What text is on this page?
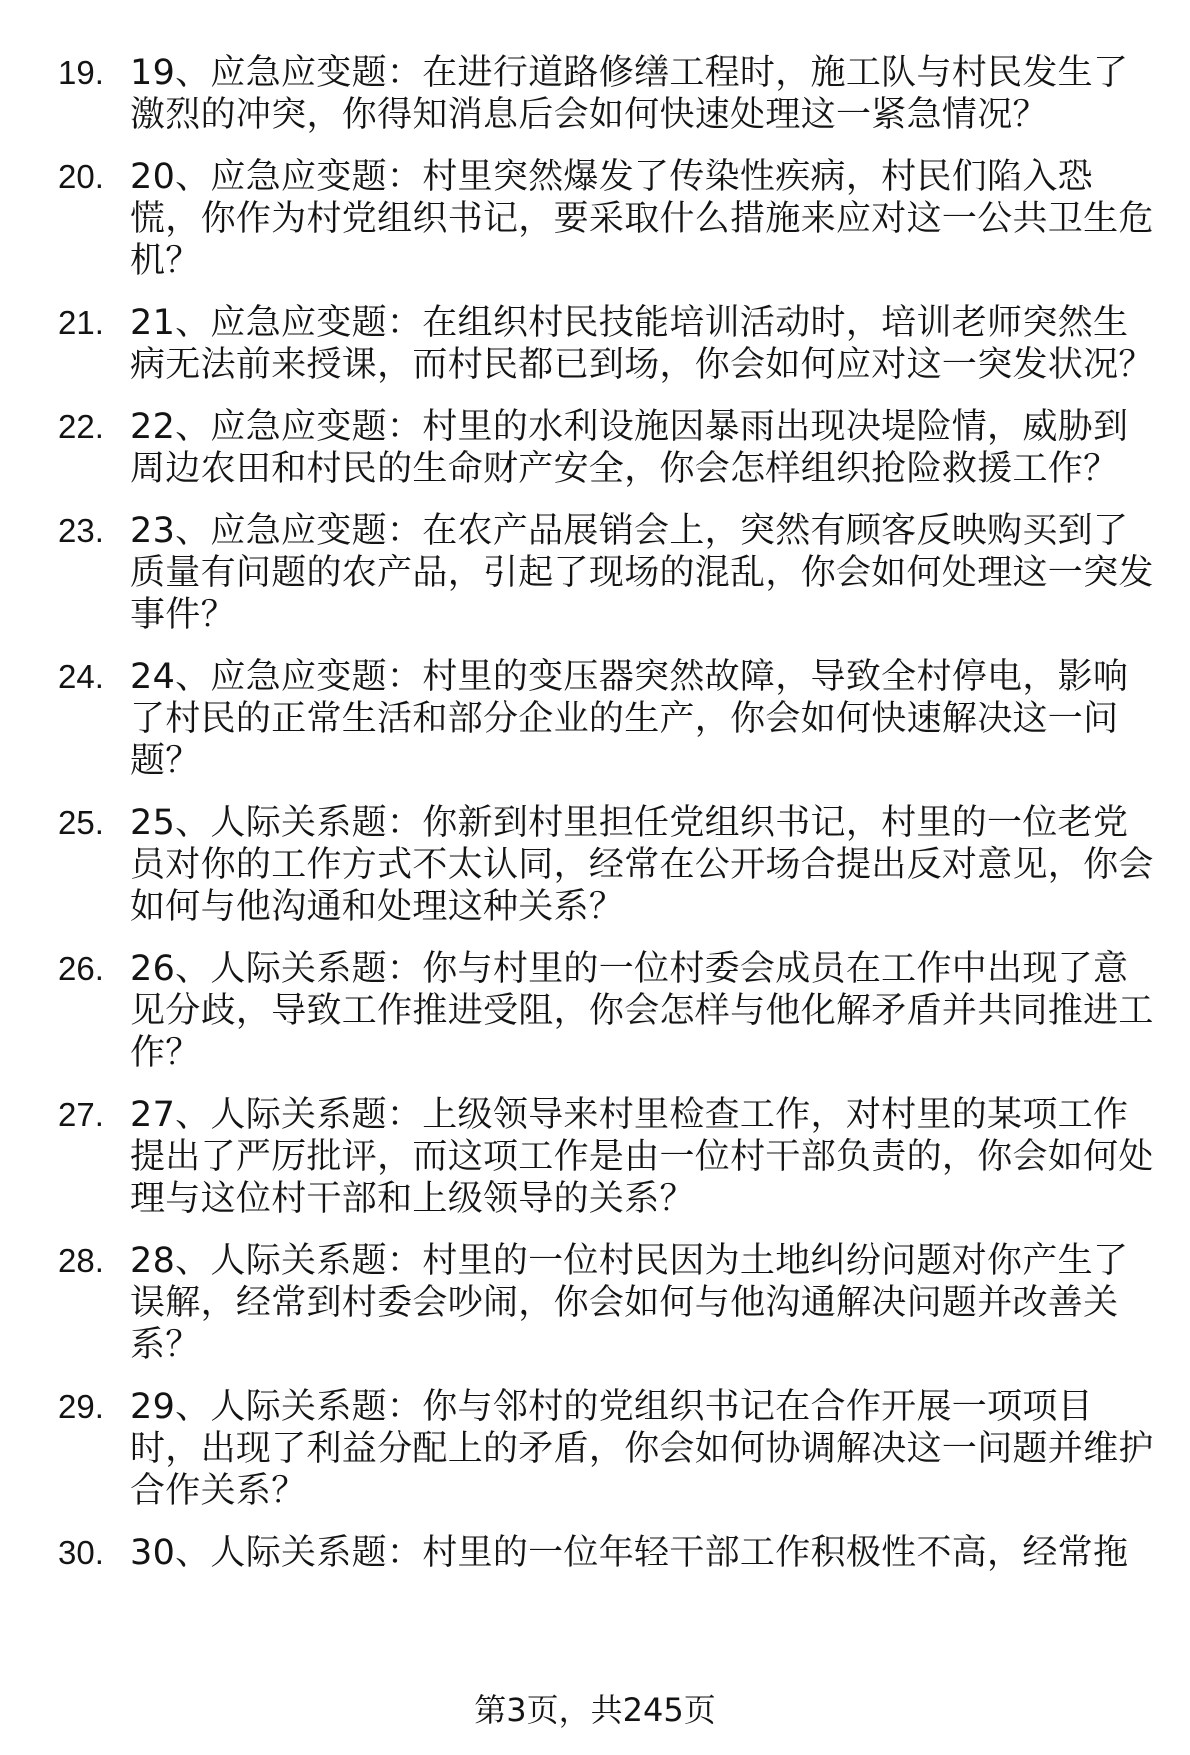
19. 19、应急应变题：在进行道路修缮工程时，施工队与村民发生了激烈的冲突，你得知消息后会如何快速处理这一紧急情况？
20. 20、应急应变题：村里突然爆发了传染性疾病，村民们陷入恐慌，你作为村党组织书记，要采取什么措施来应对这一公共卫生危机？
21. 21、应急应变题：在组织村民技能培训活动时，培训老师突然生病无法前来授课，而村民都已到场，你会如何应对这一突发状况？
22. 22、应急应变题：村里的水利设施因暴雨出现决堤险情，威胁到周边农田和村民的生命财产安全，你会怎样组织抢险救援工作？
23. 23、应急应变题：在农产品展销会上，突然有顾客反映购买到了质量有问题的农产品，引起了现场的混乱，你会如何处理这一突发事件？
24. 24、应急应变题：村里的变压器突然故障，导致全村停电，影响了村民的正常生活和部分企业的生产，你会如何快速解决这一问题？
25. 25、人际关系题：你新到村里担任党组织书记，村里的一位老党员对你的工作方式不太认同，经常在公开场合提出反对意见，你会如何与他沟通和处理这种关系？
26. 26、人际关系题：你与村里的一位村委会成员在工作中出现了意见分歧，导致工作推进受阻，你会怎样与他化解矛盾并共同推进工作？
27. 27、人际关系题：上级领导来村里检查工作，对村里的某项工作提出了严厉批评，而这项工作是由一位村干部负责的，你会如何处理与这位村干部和上级领导的关系？
28. 28、人际关系题：村里的一位村民因为土地纠纷问题对你产生了误解，经常到村委会吵闹，你会如何与他沟通解决问题并改善关系？
29. 29、人际关系题：你与邻村的党组织书记在合作开展一项项目时，出现了利益分配上的矛盾，你会如何协调解决这一问题并维护合作关系？
30. 30、人际关系题：村里的一位年轻干部工作积极性不高，经常拖
第3页，共245页
